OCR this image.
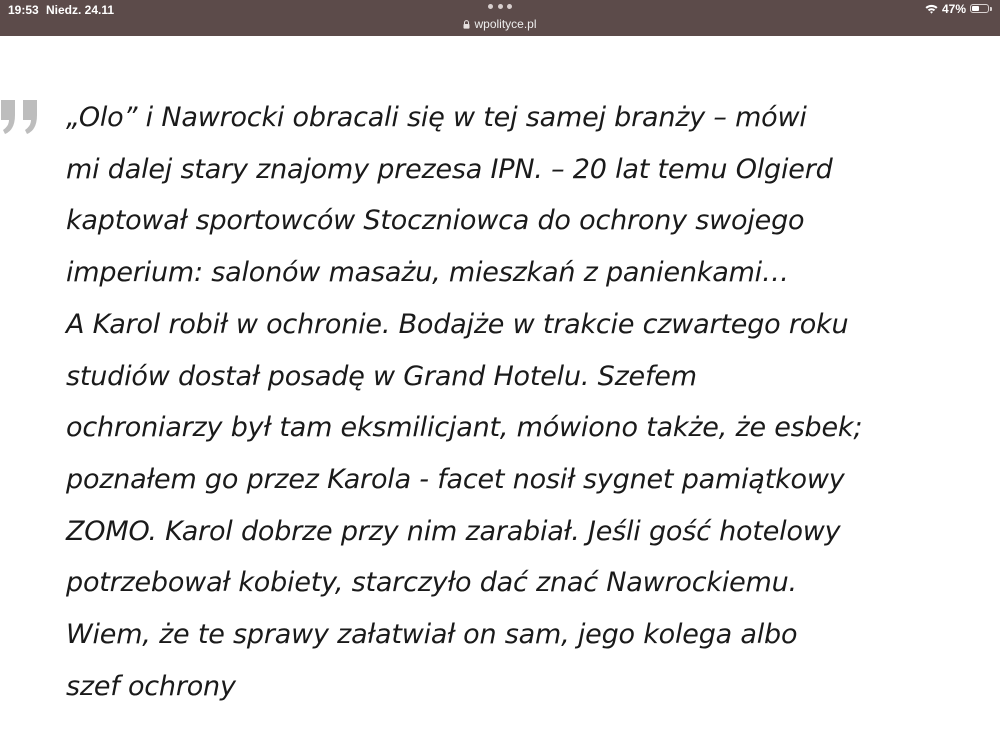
19:53 Niedz. 24.11
wpolityce.pl
47%
„Olo” i Nawrocki obracali się w tej samej branży – mówi
mi dalej stary znajomy prezesa IPN. – 20 lat temu Olgierd
kaptował sportowców Stoczniowca do ochrony swojego
imperium: salonów masażu, mieszkań z panienkami…
A Karol robił w ochronie. Bodajże w trakcie czwartego roku
studiów dostał posadę w Grand Hotelu. Szefem
ochroniarzy był tam eksmilicjant, mówiono także, że esbek;
poznałem go przez Karola - facet nosił sygnet pamiątkowy
ZOMO. Karol dobrze przy nim zarabiał. Jeśli gość hotelowy
potrzebował kobiety, starczyło dać znać Nawrockiemu.
Wiem, że te sprawy załatwiał on sam, jego kolega albo
szef ochrony
